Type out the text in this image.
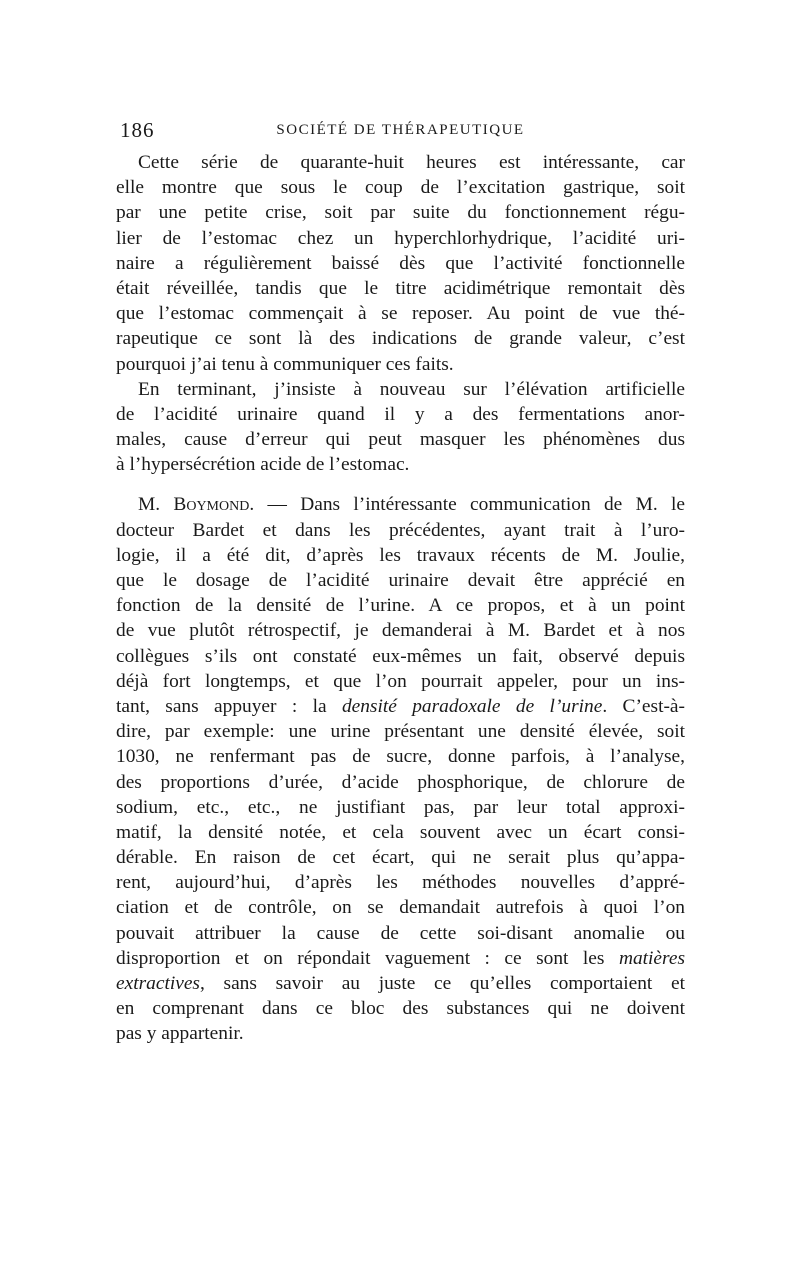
186	SOCIÉTÉ DE THÉRAPEUTIQUE
Cette série de quarante-huit heures est intéressante, car
elle montre que sous le coup de l’excitation gastrique, soit
par une petite crise, soit par suite du fonctionnement régu-
lier de l’estomac chez un hyperchlorhydrique, l’acidité uri-
naire a régulièrement baissé dès que l’activité fonctionnelle
était réveillée, tandis que le titre acidimétrique remontait dès
que l’estomac commençait à se reposer. Au point de vue thé-
rapeutique ce sont là des indications de grande valeur, c’est
pourquoi j’ai tenu à communiquer ces faits.
En terminant, j’insiste à nouveau sur l’élévation artificielle
de l’acidité urinaire quand il y a des fermentations anor-
males, cause d’erreur qui peut masquer les phénomènes dus
à l’hypersécrétion acide de l’estomac.
M. Boymond. — Dans l’intéressante communication de M. le
docteur Bardet et dans les précédentes, ayant trait à l’uro-
logie, il a été dit, d’après les travaux récents de M. Joulie,
que le dosage de l’acidité urinaire devait être apprécié en
fonction de la densité de l’urine. A ce propos, et à un point
de vue plutôt rétrospectif, je demanderai à M. Bardet et à nos
collègues s’ils ont constaté eux-mêmes un fait, observé depuis
déjà fort longtemps, et que l’on pourrait appeler, pour un ins-
tant, sans appuyer : la densité paradoxale de l’urine. C’est-à-
dire, par exemple: une urine présentant une densité élevée, soit
1030, ne renfermant pas de sucre, donne parfois, à l’analyse,
des proportions d’urée, d’acide phosphorique, de chlorure de
sodium, etc., etc., ne justifiant pas, par leur total approxi-
matif, la densité notée, et cela souvent avec un écart consi-
dérable. En raison de cet écart, qui ne serait plus qu’appa-
rent, aujourd’hui, d’après les méthodes nouvelles d’appré-
ciation et de contrôle, on se demandait autrefois à quoi l’on
pouvait attribuer la cause de cette soi-disant anomalie ou
disproportion et on répondait vaguement : ce sont les matières
extractives, sans savoir au juste ce qu’elles comportaient et
en comprenant dans ce bloc des substances qui ne doivent
pas y appartenir.
